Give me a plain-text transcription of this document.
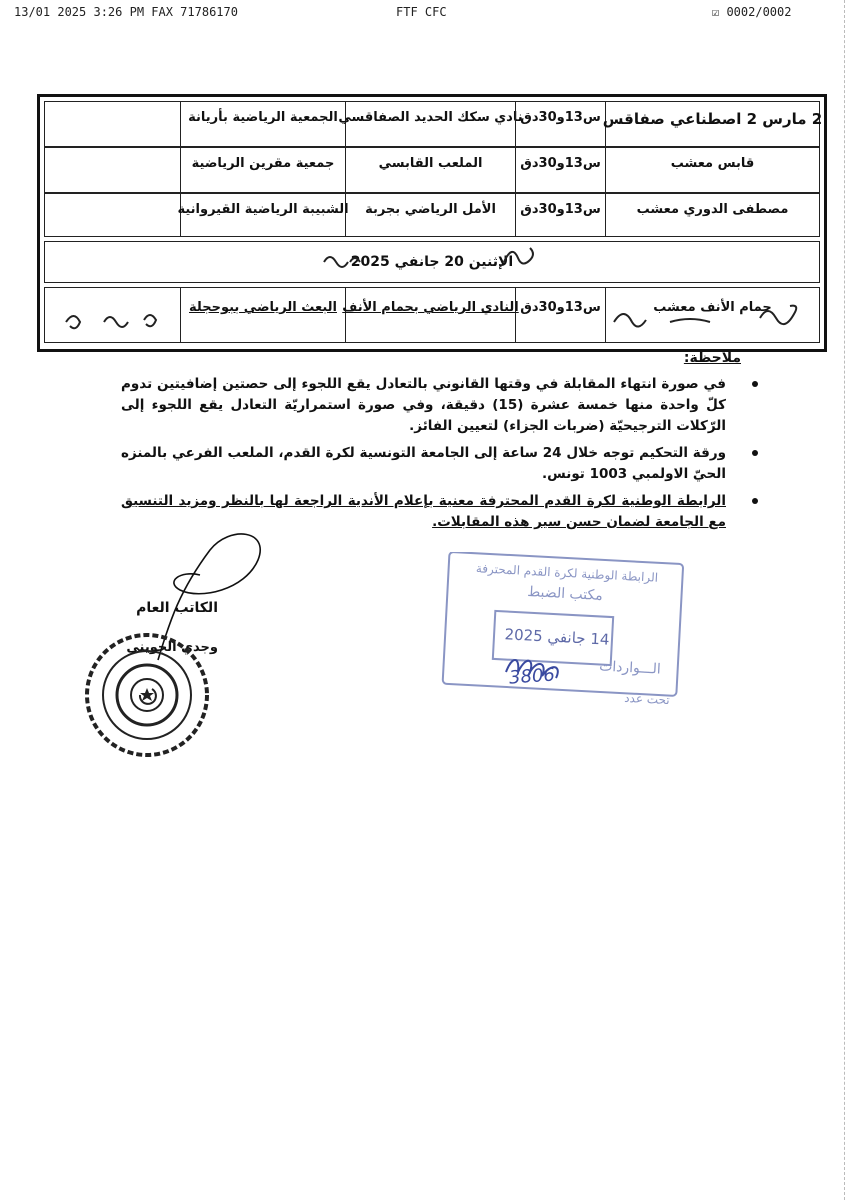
13/01 2025 3:26 PM FAX 71786170	FTF CFC	☑ 0002/0002
2 مارس 2 اصطناعي صفاقس
س13و30دق
نادي سكك الحديد الصفاقسي
الجمعية الرياضية بأريانة
قابس معشب
س13و30دق
الملعب القابسي
جمعية مقرين الرياضية
مصطفى الدوري معشب
س13و30دق
الأمل الرياضي بجربة
الشبيبة الرياضية القيروانية
الإثنين 20 جانفي 2025
حمام الأنف معشب
س13و30دق
النادي الرياضي بحمام الأنف
البعث الرياضي ببوحجلة
ملاحظة:
في صورة انتهاء المقابلة في وقتها القانوني بالتعادل يقع اللجوء إلى حصتين إضافيتين تدوم كلّ واحدة منها خمسة عشرة (15) دقيقة، وفي صورة استمراريّة التعادل يقع اللجوء إلى الرّكلات الترجيحيّة (ضربات الجزاء) لتعيين الفائز.
ورقة التحكيم توجه خلال 24 ساعة إلى الجامعة التونسية لكرة القدم، الملعب الفرعي بالمنزه الحيّ الاولمبي 1003 تونس.
الرابطة الوطنية لكرة القدم المحترفة معنية بإعلام الأندية الراجعة لها بالنظر ومزيد التنسيق مع الجامعة لضمان حسن سير هذه المقابلات.
الكاتب العام
وجدي الجويني
الرابطة الوطنية لكرة القدم المحترفة
مكتب الضبط
14 جانفي 2025
الـــواردات
3806
تحت عدد
